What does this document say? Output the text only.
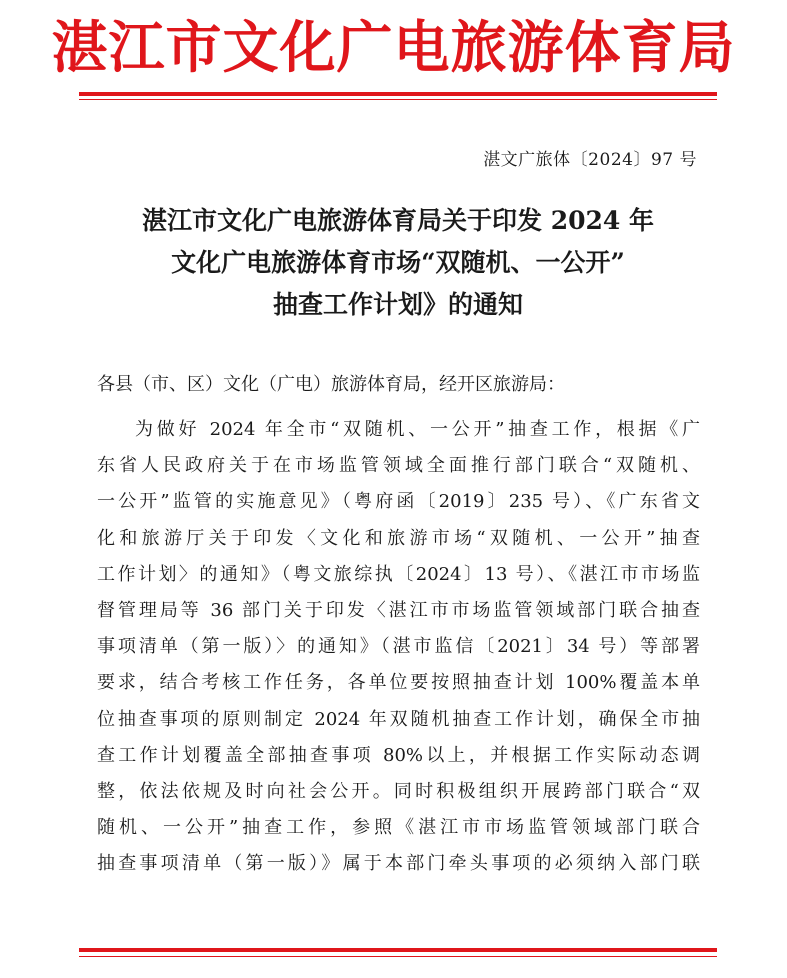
湛江市文化广电旅游体育局
湛文广旅体〔2024〕97 号
湛江市文化广电旅游体育局关于印发 2024 年
文化广电旅游体育市场“双随机、一公开”
抽查工作计划》的通知
各县（市、区）文化（广电）旅游体育局，经开区旅游局：
为做好 2024 年全市“双随机、一公开”抽查工作，根据《广
东省人民政府关于在市场监管领域全面推行部门联合“双随机、
一公开”监管的实施意见》（粤府函〔2019〕235 号）、《广东省文
化和旅游厅关于印发〈文化和旅游市场“双随机、一公开”抽查
工作计划〉的通知》（粤文旅综执〔2024〕13 号）、《湛江市市场监
督管理局等 36 部门关于印发〈湛江市市场监管领域部门联合抽查
事项清单（第一版）〉的通知》（湛市监信〔2021〕34 号）等部署
要求，结合考核工作任务，各单位要按照抽查计划 100%覆盖本单
位抽查事项的原则制定 2024 年双随机抽查工作计划，确保全市抽
查工作计划覆盖全部抽查事项 80%以上，并根据工作实际动态调
整，依法依规及时向社会公开。同时积极组织开展跨部门联合“双
随机、一公开”抽查工作，参照《湛江市市场监管领域部门联合
抽查事项清单（第一版）》属于本部门牵头事项的必须纳入部门联
